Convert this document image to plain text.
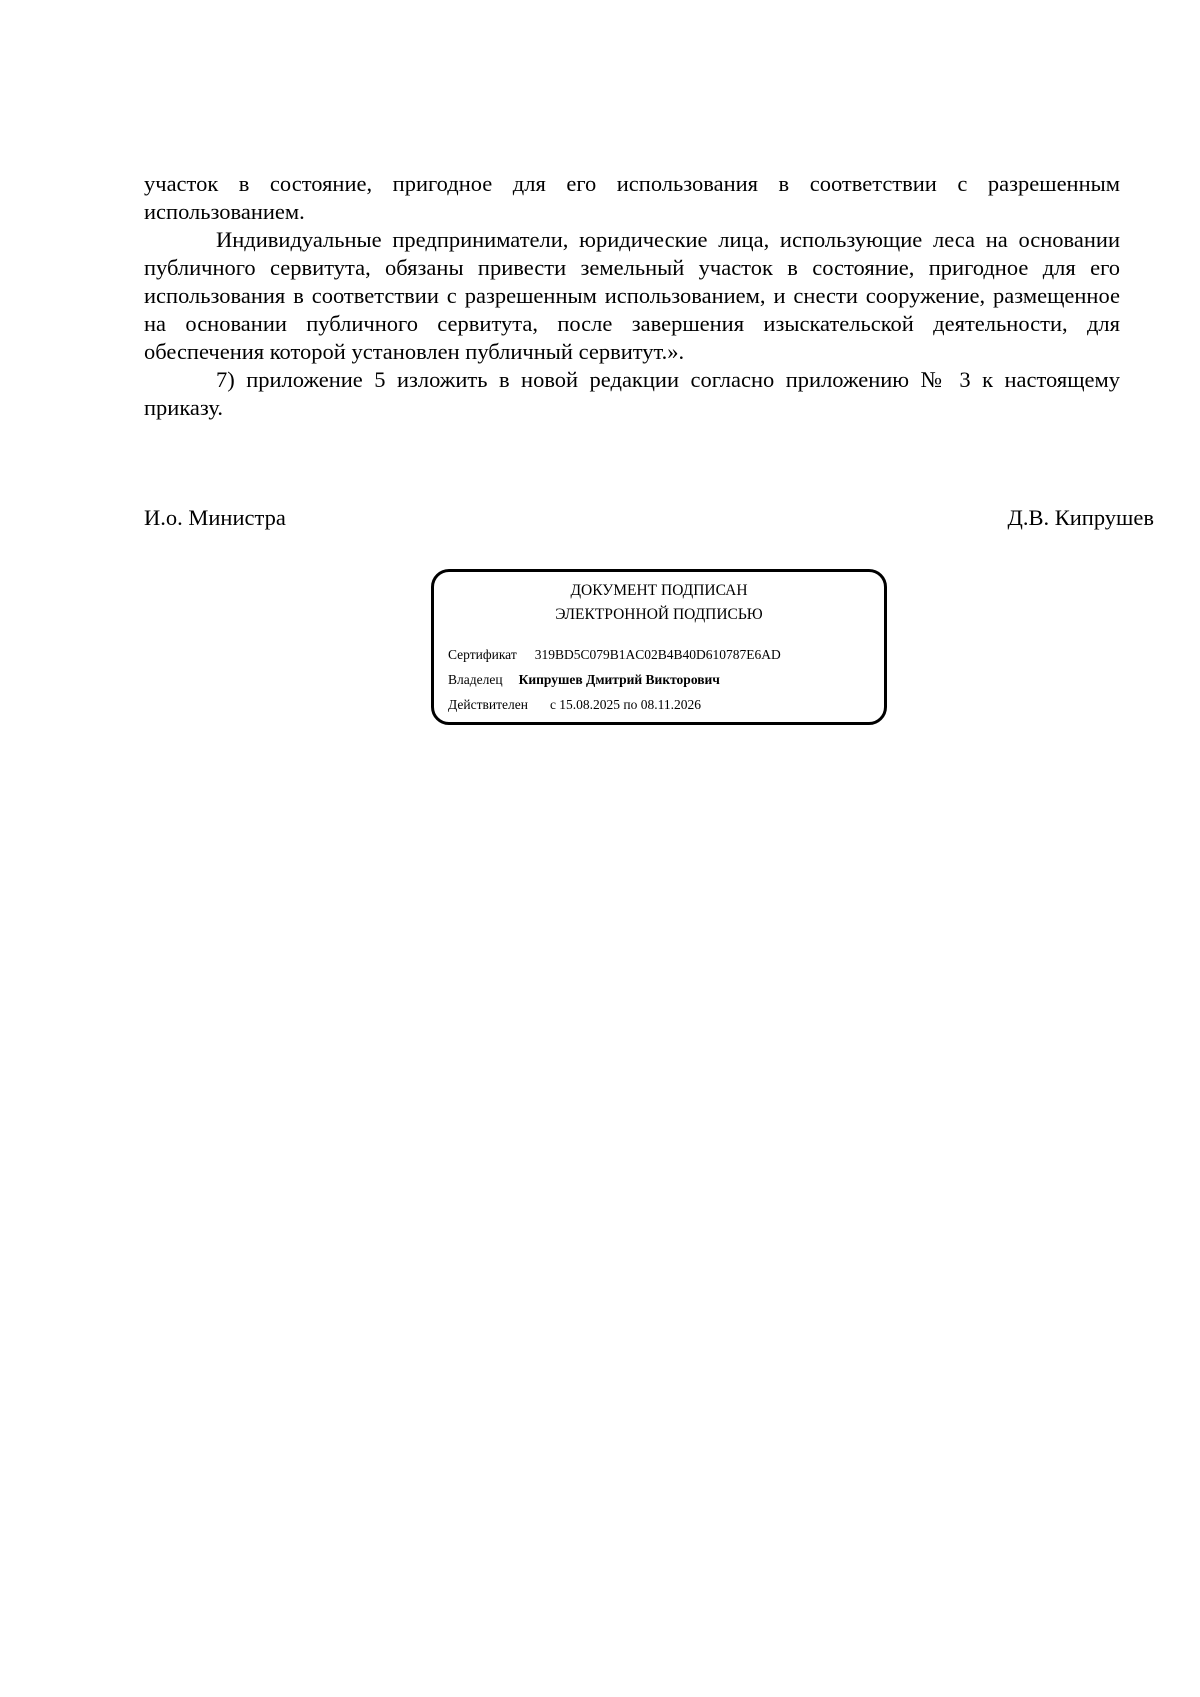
участок в состояние, пригодное для его использования в соответствии с разрешенным использованием.

Индивидуальные предприниматели, юридические лица, использующие леса на основании публичного сервитута, обязаны привести земельный участок в состояние, пригодное для его использования в соответствии с разрешенным использованием, и снести сооружение, размещенное на основании публичного сервитута, после завершения изыскательской деятельности, для обеспечения которой установлен публичный сервитут.».

7) приложение 5 изложить в новой редакции согласно приложению № 3 к настоящему приказу.

И.о. Министра	Д.В. Кипрушев
ДОКУМЕНТ ПОДПИСАН
ЭЛЕКТРОННОЙ ПОДПИСЬЮ
Сертификат 319BD5C079B1AC02B4B40D610787E6AD
Владелец Кипрушев Дмитрий Викторович
Действителен с 15.08.2025 по 08.11.2026
